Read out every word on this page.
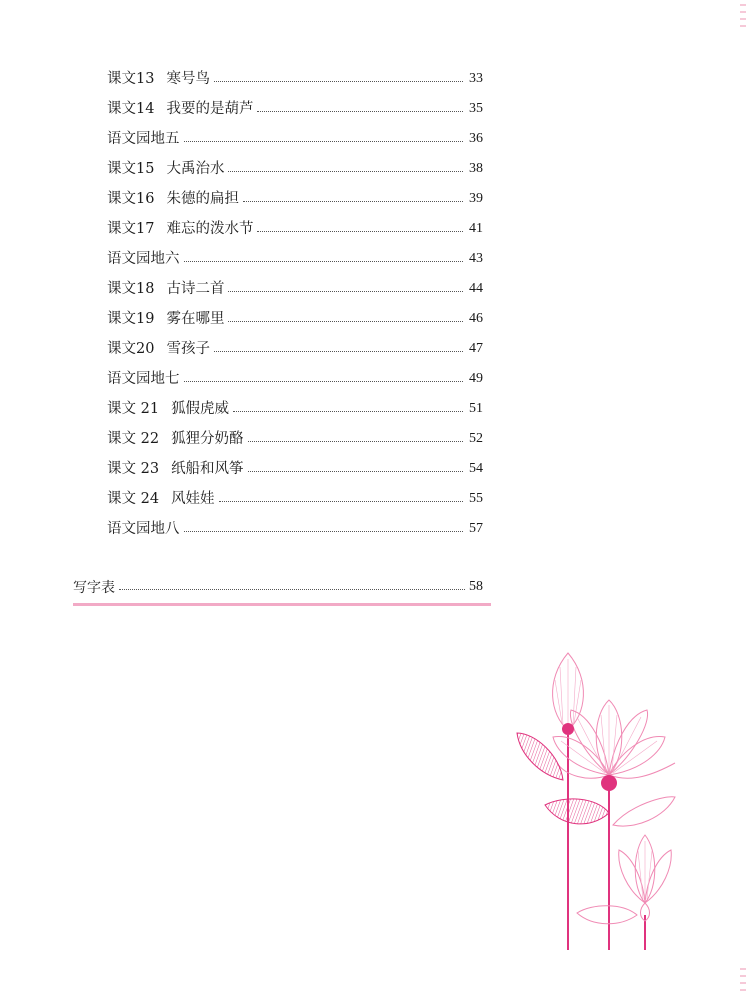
课文13 寒号鸟	33
课文14 我要的是葫芦	35
语文园地五	36
课文15 大禹治水	38
课文16 朱德的扁担	39
课文17 难忘的泼水节	41
语文园地六	43
课文18 古诗二首	44
课文19 雾在哪里	46
课文20 雪孩子	47
语文园地七	49
课文 21 狐假虎威	51
课文 22 狐狸分奶酪	52
课文 23 纸船和风筝	54
课文 24 风娃娃	55
语文园地八	57
写字表	58
